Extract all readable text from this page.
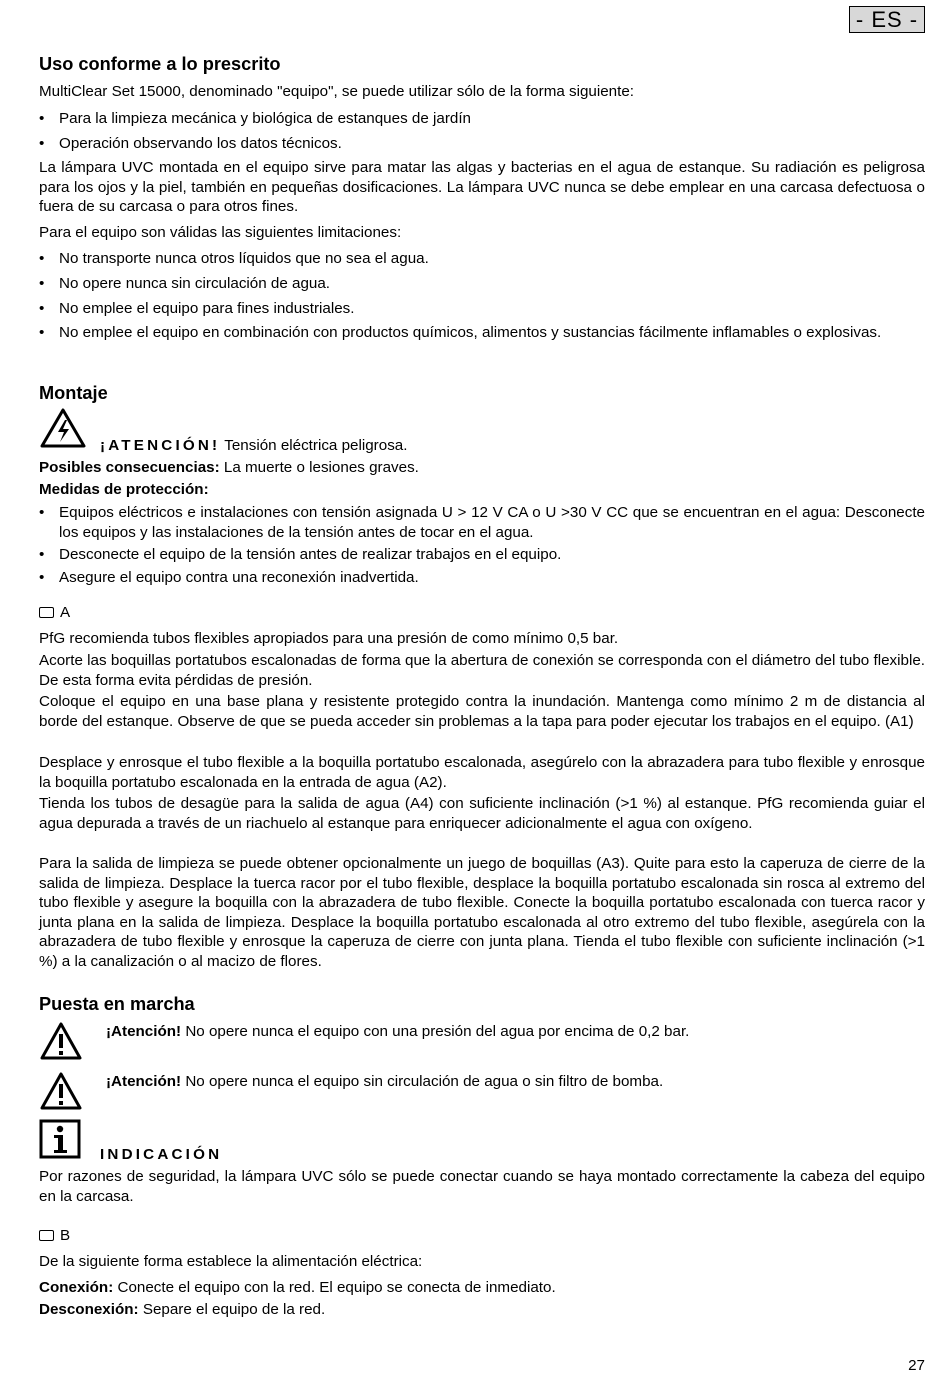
- ES -
Uso conforme a lo prescrito

MultiClear Set 15000, denominado "equipo", se puede utilizar sólo de la forma siguiente:

• Para la limpieza mecánica y biológica de estanques de jardín
• Operación observando los datos técnicos.

La lámpara UVC montada en el equipo sirve para matar las algas y bacterias en el agua de estanque. Su radiación es peligrosa para los ojos y la piel, también en pequeñas dosificaciones. La lámpara UVC nunca se debe emplear en una carcasa defectuosa o fuera de su carcasa o para otros fines.

Para el equipo son válidas las siguientes limitaciones:

• No transporte nunca otros líquidos que no sea el agua.
• No opere nunca sin circulación de agua.
• No emplee el equipo para fines industriales.
• No emplee el equipo en combinación con productos químicos, alimentos y sustancias fácilmente inflamables o explosivas.
Montaje
¡ATENCIÓN! Tensión eléctrica peligrosa.
Posibles consecuencias: La muerte o lesiones graves.
Medidas de protección:
• Equipos eléctricos e instalaciones con tensión asignada U > 12 V CA o U >30 V CC que se encuentran en el agua: Desconecte los equipos y las instalaciones de la tensión antes de tocar en el agua.
• Desconecte el equipo de la tensión antes de realizar trabajos en el equipo.
• Asegure el equipo contra una reconexión inadvertida.
A

PfG recomienda tubos flexibles apropiados para una presión de como mínimo 0,5 bar.

Acorte las boquillas portatubos escalonadas de forma que la abertura de conexión se corresponda con el diámetro del tubo flexible. De esta forma evita pérdidas de presión.

Coloque el equipo en una base plana y resistente protegido contra la inundación. Mantenga como mínimo 2 m de distancia al borde del estanque. Observe de que se pueda acceder sin problemas a la tapa para poder ejecutar los trabajos en el equipo. (A1)

Desplace y enrosque el tubo flexible a la boquilla portatubo escalonada, asegúrelo con la abrazadera para tubo flexible y enrosque la boquilla portatubo escalonada en la entrada de agua (A2).

Tienda los tubos de desagüe para la salida de agua (A4) con suficiente inclinación (>1 %) al estanque. PfG recomienda guiar el agua depurada a través de un riachuelo al estanque para enriquecer adicionalmente el agua con oxígeno.

Para la salida de limpieza se puede obtener opcionalmente un juego de boquillas (A3). Quite para esto la caperuza de cierre de la salida de limpieza. Desplace la tuerca racor por el tubo flexible, desplace la boquilla portatubo escalonada sin rosca al extremo del tubo flexible y asegure la boquilla con la abrazadera de tubo flexible. Conecte la boquilla portatubo escalonada con tuerca racor y junta plana en la salida de limpieza. Desplace la boquilla portatubo escalonada al otro extremo del tubo flexible, asegúrela con la abrazadera de tubo flexible y enrosque la caperuza de cierre con junta plana. Tienda el tubo flexible con suficiente inclinación (>1 %) a la canalización o al macizo de flores.

Puesta en marcha
¡Atención! No opere nunca el equipo con una presión del agua por encima de 0,2 bar.
¡Atención! No opere nunca el equipo sin circulación de agua o sin filtro de bomba.
INDICACIÓN

Por razones de seguridad, la lámpara UVC sólo se puede conectar cuando se haya montado correctamente la cabeza del equipo en la carcasa.

B

De la siguiente forma establece la alimentación eléctrica:

Conexión: Conecte el equipo con la red. El equipo se conecta de inmediato.
Desconexión: Separe el equipo de la red.
27
